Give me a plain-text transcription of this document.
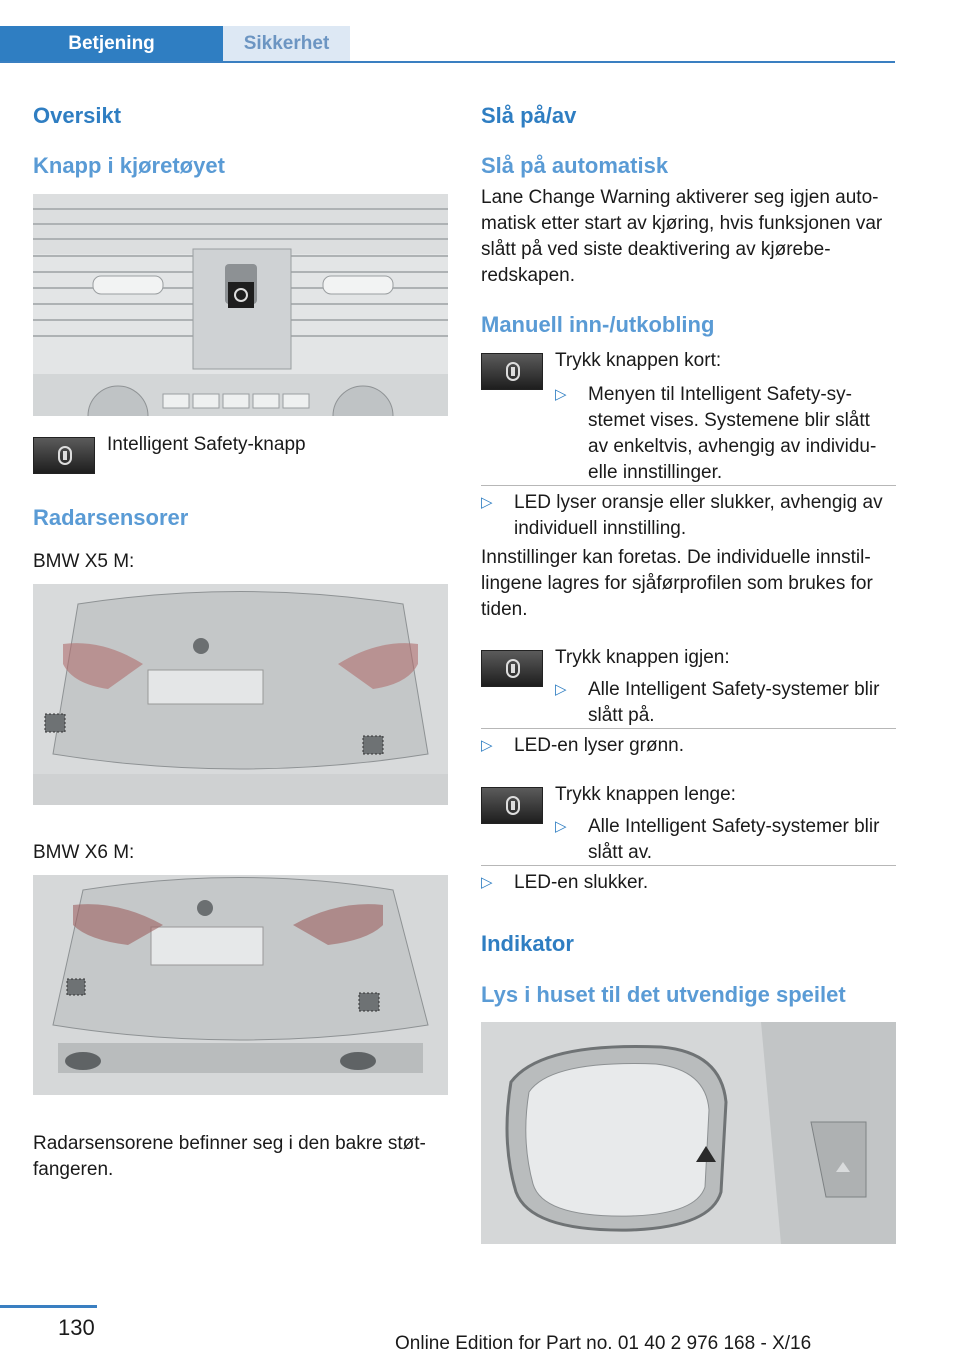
Betjening	Sikkerhet
Oversikt
Knapp i kjøretøyet
Intelligent Safety-knapp
Radarsensorer
BMW X5 M:
BMW X6 M:
Radarsensorene befinner seg i den bakre støt-fangeren.
Slå på/av
Slå på automatisk
Lane Change Warning aktiverer seg igjen auto-matisk etter start av kjøring, hvis funksjonen var slått på ved siste deaktivering av kjørebe-redskapen.
Manuell inn-/utkobling
Trykk knappen kort:
▷ Menyen til Intelligent Safety-sy-stemet vises. Systemene blir slått av enkeltvis, avhengig av individu-elle innstillinger.
▷ LED lyser oransje eller slukker, avhengig av individuell innstilling.
Innstillinger kan foretas. De individuelle innstil-lingene lagres for sjåførprofilen som brukes for tiden.
Trykk knappen igjen:
▷ Alle Intelligent Safety-systemer blir slått på.
▷ LED-en lyser grønn.
Trykk knappen lenge:
▷ Alle Intelligent Safety-systemer blir slått av.
▷ LED-en slukker.
Indikator
Lys i huset til det utvendige speilet
130
Online Edition for Part no. 01 40 2 976 168 - X/16
